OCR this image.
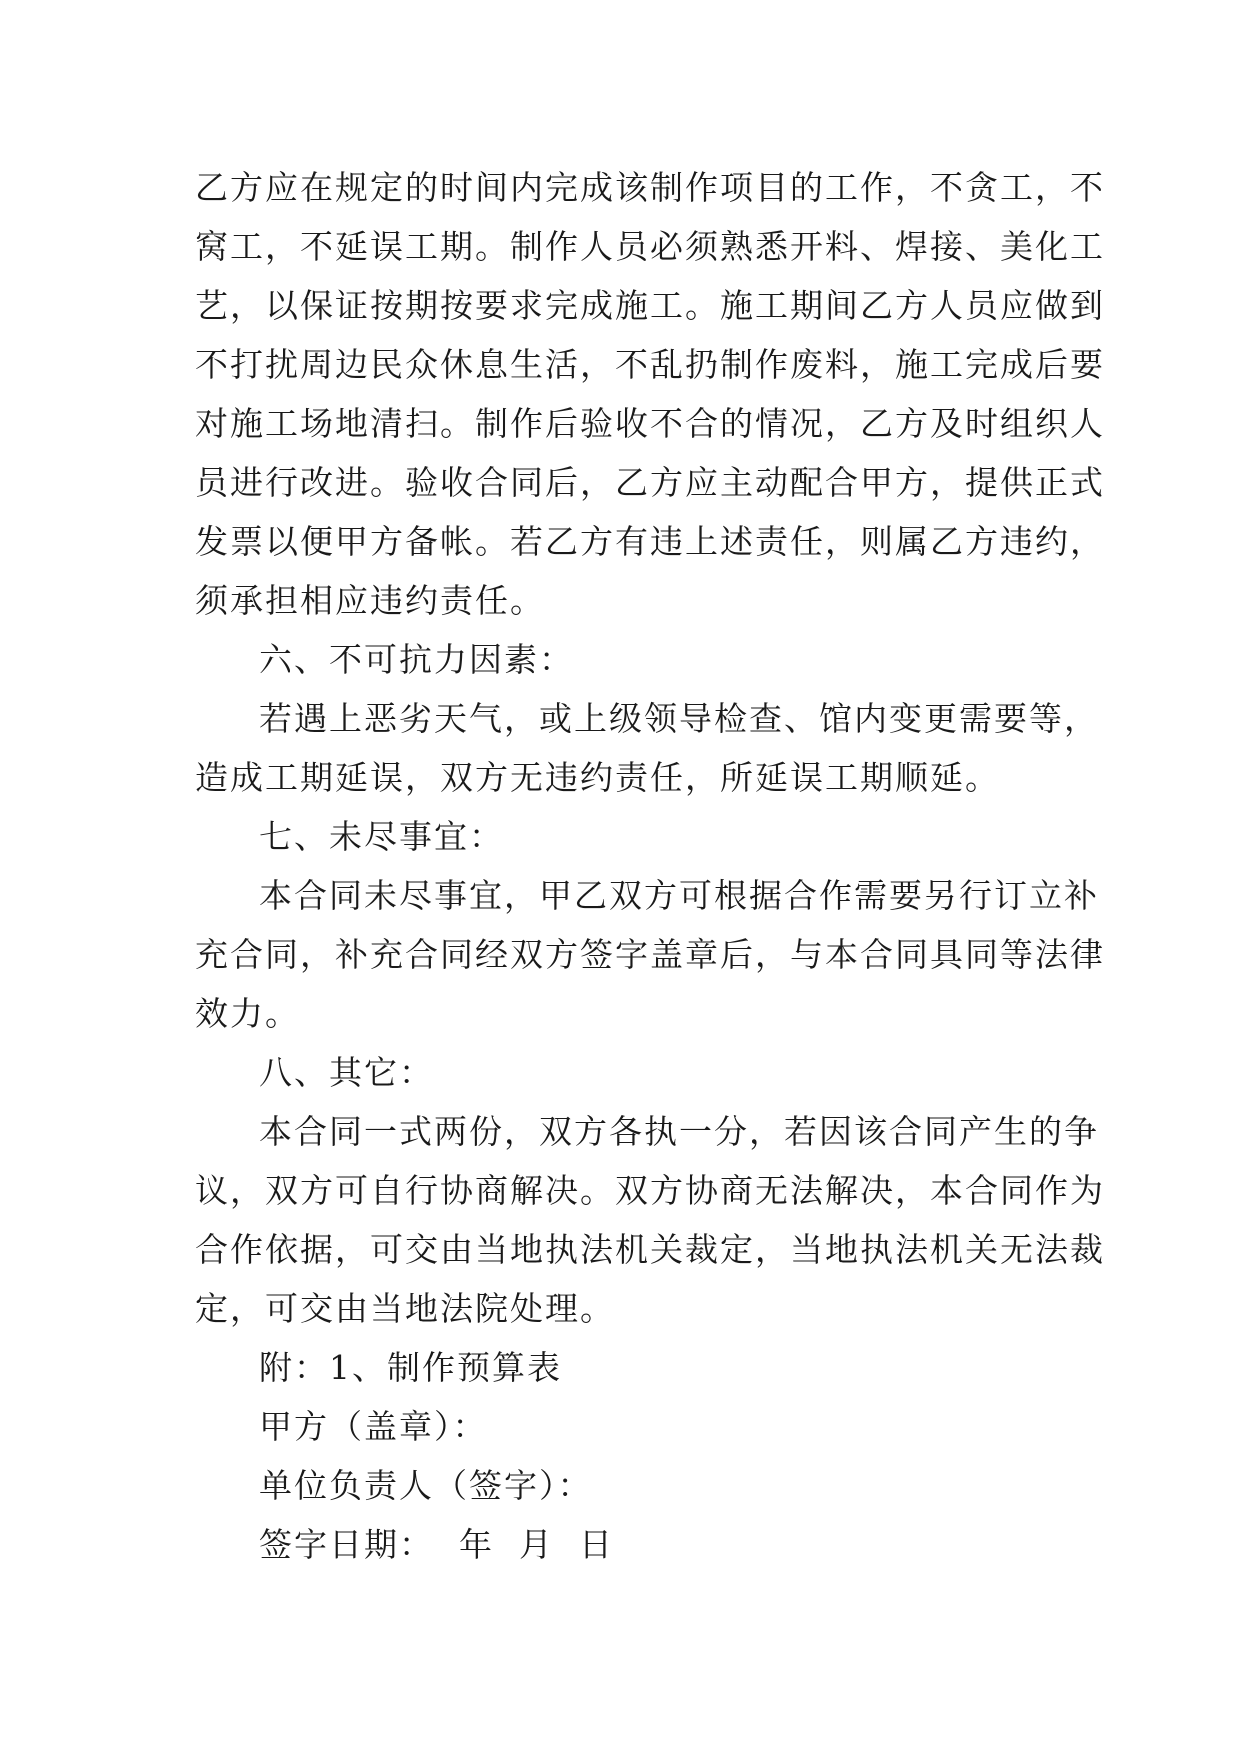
乙方应在规定的时间内完成该制作项目的工作，不贪工，不
窝工，不延误工期。制作人员必须熟悉开料、焊接、美化工
艺，以保证按期按要求完成施工。施工期间乙方人员应做到
不打扰周边民众休息生活，不乱扔制作废料，施工完成后要
对施工场地清扫。制作后验收不合的情况，乙方及时组织人
员进行改进。验收合同后，乙方应主动配合甲方，提供正式
发票以便甲方备帐。若乙方有违上述责任，则属乙方违约，
须承担相应违约责任。
六、不可抗力因素：
若遇上恶劣天气，或上级领导检查、馆内变更需要等，
造成工期延误，双方无违约责任，所延误工期顺延。
七、未尽事宜：
本合同未尽事宜，甲乙双方可根据合作需要另行订立补
充合同，补充合同经双方签字盖章后，与本合同具同等法律
效力。
八、其它：
本合同一式两份，双方各执一分，若因该合同产生的争
议，双方可自行协商解决。双方协商无法解决，本合同作为
合作依据，可交由当地执法机关裁定，当地执法机关无法裁
定，可交由当地法院处理。
附：1、制作预算表
甲方（盖章）：
单位负责人（签字）：
签字日期：  年  月  日
